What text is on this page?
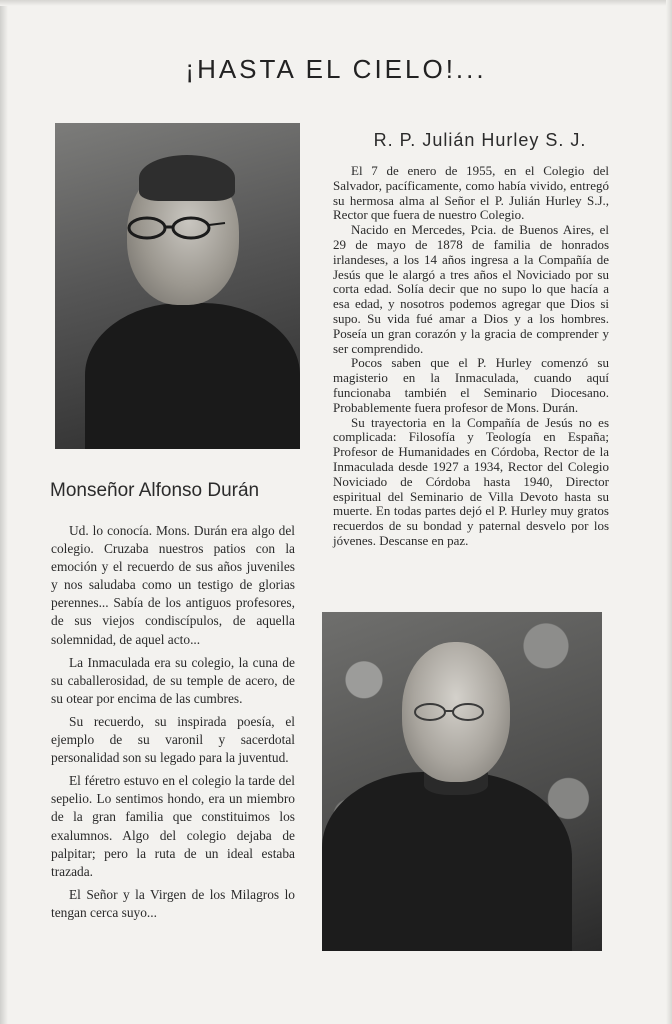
¡HASTA EL CIELO!...
Monseñor Alfonso Durán

Ud. lo conocía. Mons. Durán era algo del colegio. Cruzaba nuestros patios con la emoción y el recuerdo de sus años juveniles y nos saludaba como un testigo de glorias perennes... Sabía de los antiguos profesores, de sus viejos condiscípulos, de aquella solemnidad, de aquel acto...

La Inmaculada era su colegio, la cuna de su caballerosidad, de su temple de acero, de su otear por encima de las cumbres.

Su recuerdo, su inspirada poesía, el ejemplo de su varonil y sacerdotal personalidad son su legado para la juventud.

El féretro estuvo en el colegio la tarde del sepelio. Lo sentimos hondo, era un miembro de la gran familia que constituimos los exalumnos. Algo del colegio dejaba de palpitar; pero la ruta de un ideal estaba trazada.

El Señor y la Virgen de los Milagros lo tengan cerca suyo...

R. P. Julián Hurley S. J.

El 7 de enero de 1955, en el Colegio del Salvador, pacíficamente, como había vivido, entregó su hermosa alma al Señor el P. Julián Hurley S.J., Rector que fuera de nuestro Colegio.

Nacido en Mercedes, Pcia. de Buenos Aires, el 29 de mayo de 1878 de familia de honrados irlandeses, a los 14 años ingresa a la Compañía de Jesús que le alargó a tres años el Noviciado por su corta edad. Solía decir que no supo lo que hacía a esa edad, y nosotros podemos agregar que Dios si supo. Su vida fué amar a Dios y a los hombres. Poseía un gran corazón y la gracia de comprender y ser comprendido.

Pocos saben que el P. Hurley comenzó su magisterio en la Inmaculada, cuando aquí funcionaba también el Seminario Diocesano. Probablemente fuera profesor de Mons. Durán.

Su trayectoria en la Compañía de Jesús no es complicada: Filosofía y Teología en España; Profesor de Humanidades en Córdoba, Rector de la Inmaculada desde 1927 a 1934, Rector del Colegio Noviciado de Córdoba hasta 1940, Director espiritual del Seminario de Villa Devoto hasta su muerte. En todas partes dejó el P. Hurley muy gratos recuerdos de su bondad y paternal desvelo por los jóvenes. Descanse en paz.
